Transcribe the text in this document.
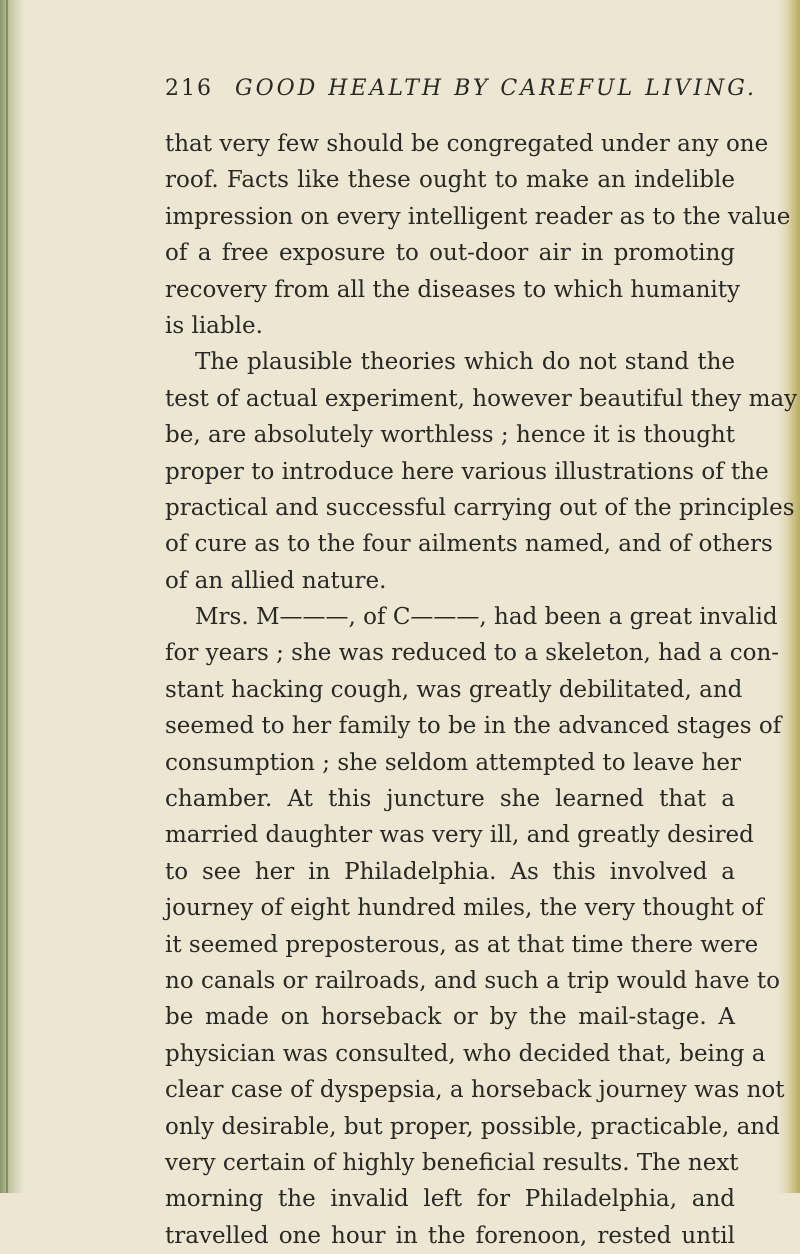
216 GOOD HEALTH BY CAREFUL LIVING.
that very few should be congregated under any one
roof. Facts like these ought to make an indelible
impression on every intelligent reader as to the value
of a free exposure to out-door air in promoting
recovery from all the diseases to which humanity
is liable.
The plausible theories which do not stand the
test of actual experiment, however beautiful they may
be, are absolutely worthless ; hence it is thought
proper to introduce here various illustrations of the
practical and successful carrying out of the principles
of cure as to the four ailments named, and of others
of an allied nature.
Mrs. M———, of C———, had been a great invalid
for years ; she was reduced to a skeleton, had a con-
stant hacking cough, was greatly debilitated, and
seemed to her family to be in the advanced stages of
consumption ; she seldom attempted to leave her
chamber. At this juncture she learned that a
married daughter was very ill, and greatly desired
to see her in Philadelphia. As this involved a
journey of eight hundred miles, the very thought of
it seemed preposterous, as at that time there were
no canals or railroads, and such a trip would have to
be made on horseback or by the mail-stage. A
physician was consulted, who decided that, being a
clear case of dyspepsia, a horseback journey was not
only desirable, but proper, possible, practicable, and
very certain of highly beneficial results. The next
morning the invalid left for Philadelphia, and
travelled one hour in the forenoon, rested until
